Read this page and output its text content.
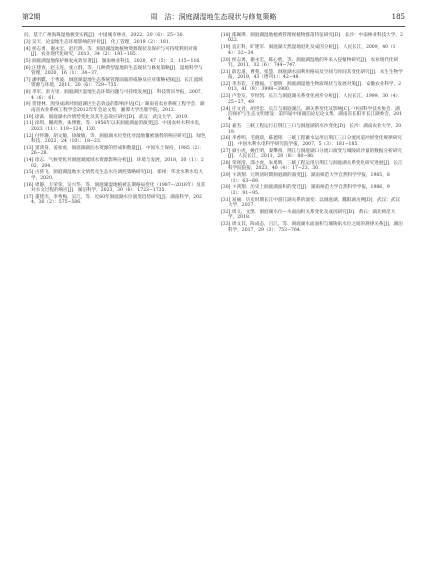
第2期	周　洁：洞庭湖湿地生态现状与修复策略	185

问，基于广州海珠湿地极变实践[J]．中国城市林业，2022，20（6）：25−30．

[3] 吴天．论湿地生态环境影响的评价[J]．化工管理，2019（2）：181．

[4] 侯志勇，谢永宏，赵启鸿，等．洞庭湖湿地植物资源现状及保护与可持续利用对策[J]．农业现代化研究，2013，34（2）：181−185．

[5] 洞庭湖湿地保护修复成效显著[J]．湖南林业科技，2020，47（5）：2，115−116．

[6] 汪建春，赵玉连，张立群，等．几种典型湿地的生态现状与修复策略[J]．湿地科学与管理，2020，16（1）：34−37．

[7] 潘明麒，于秀波．洞庭湖湿地生态系统管理面临的威胁及应对策略初探[J]．长江流域资源与环境，2011，20（6）：729−735．

[8] 李军，彭方里．洞庭湖区湿地生态环境问题与可持续发展[J]．科技资讯导报，2007，4（6）：61．

[9] 贺建林．围垦成湖对洞庭湖区生态效益的影响评估[C]／湖南省农业系统工程学会．湖南省农业系统工程学会2012年年会论文集．湘潭大学出版学院，2012．

[10] 徐菡．洞庭湖水沙情势变化及其生态效应研究[D]．武汉：武汉大学，2019．

[11] 徐琪，蒯鸿然，朱博雅，等．1956年以来洞庭湖盆的演变[J]．中国农村水利水电，2023（11）：119−124，130．

[12] 付怀珊，胡文敏，徐敏敏，等．洞庭湖水位变化对湿地覆被演替的响应研究[J]．绿色科技，2022，24（10）：18−23．

[13] 窦鸿身，姜加虎．洞庭湖湖泊水资源的形成和数量[J]．中国水土保持，1985（2）：26−28．

[14] 徐志．气候变化对洞庭湖流域水资源影响分析[J]．环境与发展，2018，30（1）：202，204．

[15] 古骄飞．洞庭湖湿地水文情势及生态水位调控策略研究[D]．郑州：华北水利水电大学，2020．

[16] 周静，万荣荣，吴兴华，等．洞庭湖湿地植被长期格局变化（1987—2016年）及其对水文过程的响应[J]．湖泊科学，2023，30（6）：1723−1735．

[17] 董建杰，李秀梅，吴江，等．近60年洞庭湖水位演变趋势研究[J]．湖南科学，2024，36（2）：575−586．

[18] 邵佩瑛．洞庭湖湿地植被管理视植物群落特征研究[D]．长沙：中南林业科技大学，2022．

[19] 袁正科，旷建军．洞庭湖天然湿地退化及成因分析[J]．人民长江，2009，40（14）：32−34．

[20] 侯志勇，谢永宏，陈心胜，等．洞庭湖湿地的外来入侵植物研究[J]．农业现代化研究，2011，32（6）：744−747．

[21] 薛忠道，曹苑，张慧．洞庭湖水面利用格局及空间与时间其变化研究[J]．水生生物学报，2019，43（增刊1）：42−48．

[22] 李杰钦，王德福，丁德明．洞庭湖湿地生物质现状与发展对策[J]．安徽农业科学，2013，41（9）：3998−3900．

[23] 卢金友，罗恒凯．长江与洞庭湖关系变化初步分析[J]．人民长江，1999，30（4）：25−27，49．

[24] 庄文君，胡世忠．长江与洞庭湖江、湖关系变化及影响[C]／中国科学技术协会．湖泊保护与生态文明建设：第四届中国湖泊论坛论文集．湖南省长阳市长江湖委会，2014．

[25] 嘉杰．三峡工程运行后荆江三口与洞庭湖的水沙变化[D]．长沙：湖南农业大学，2019．

[26] 李香明，毛晓晨，陈德铭．三峡工程蓄水运用后荆江三口分流河道冲淤变化规律研究[J]．中国水利水电科学研究院学报，2007，5（3）：181−185．

[27] 颜小虎，姚仕明，秦攀祖．荆江与洞庭湖口分流口演变与城陵矶沙量的数据分析研究[J]．人民长江，2011，28（8）：80−86．

[28] 荣择清，邵小虎，朱勇辉．三峡工程运用后荆江与洞庭湖关系变化研究进展[J]．长江科学院院报，2023，40（4）：17−23，30．

[29] 卞鸿翔．元明清时期洞庭湖的演变[J]．湖南师范大学自然科学学报，1985，8（1）：63−69．

[30] 卞鸿翔．历史上洞庭湖面积的变迁[J]．湖南师范大学自然科学学报，1986，9（2）：91−95．

[31] 易丽．历史时期长江中游江湖关系的演变：以洞庭湖，鄱阳湖为例[D]．武汉：武汉大学，2017．

[32] 周义，文凯．洞庭湖水位—水面面积关系变化及成因研究[D]．黄石：湖北师范大学，2018．

[33] 周文其，陈成态，吕江，等．洞庭湖水面面积与城陵矶水位之间的规律关系[J]．湖泊科学，2017，29（3）：753−764．
